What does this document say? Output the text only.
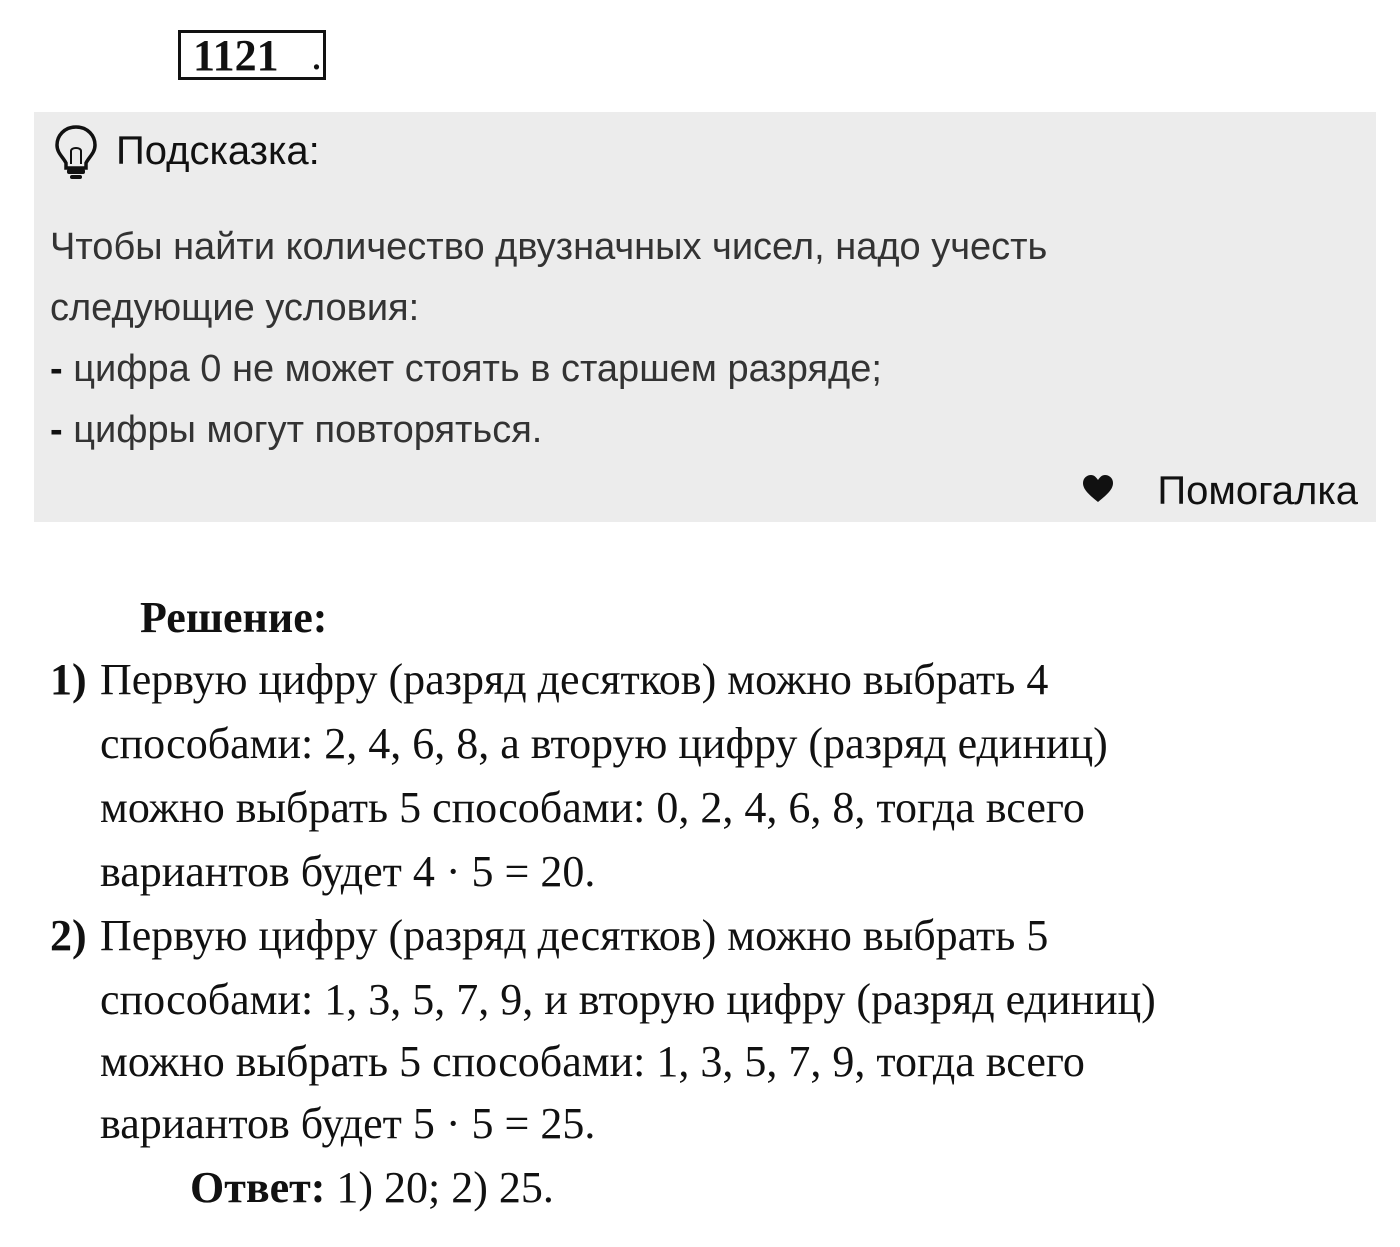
1121 .
Подсказка:
Чтобы найти количество двузначных чисел, надо учесть
следующие условия:
- цифра 0 не может стоять в старшем разряде;
- цифры могут повторяться.
Помогалка
Решение:
1) Первую цифру (разряд десятков) можно выбрать 4
способами: 2, 4, 6, 8, а вторую цифру (разряд единиц)
можно выбрать 5 способами: 0, 2, 4, 6, 8, тогда всего
вариантов будет 4 · 5 = 20.
2) Первую цифру (разряд десятков) можно выбрать 5
способами: 1, 3, 5, 7, 9, и вторую цифру (разряд единиц)
можно выбрать 5 способами: 1, 3, 5, 7, 9, тогда всего
вариантов будет 5 · 5 = 25.
Ответ: 1) 20; 2) 25.
